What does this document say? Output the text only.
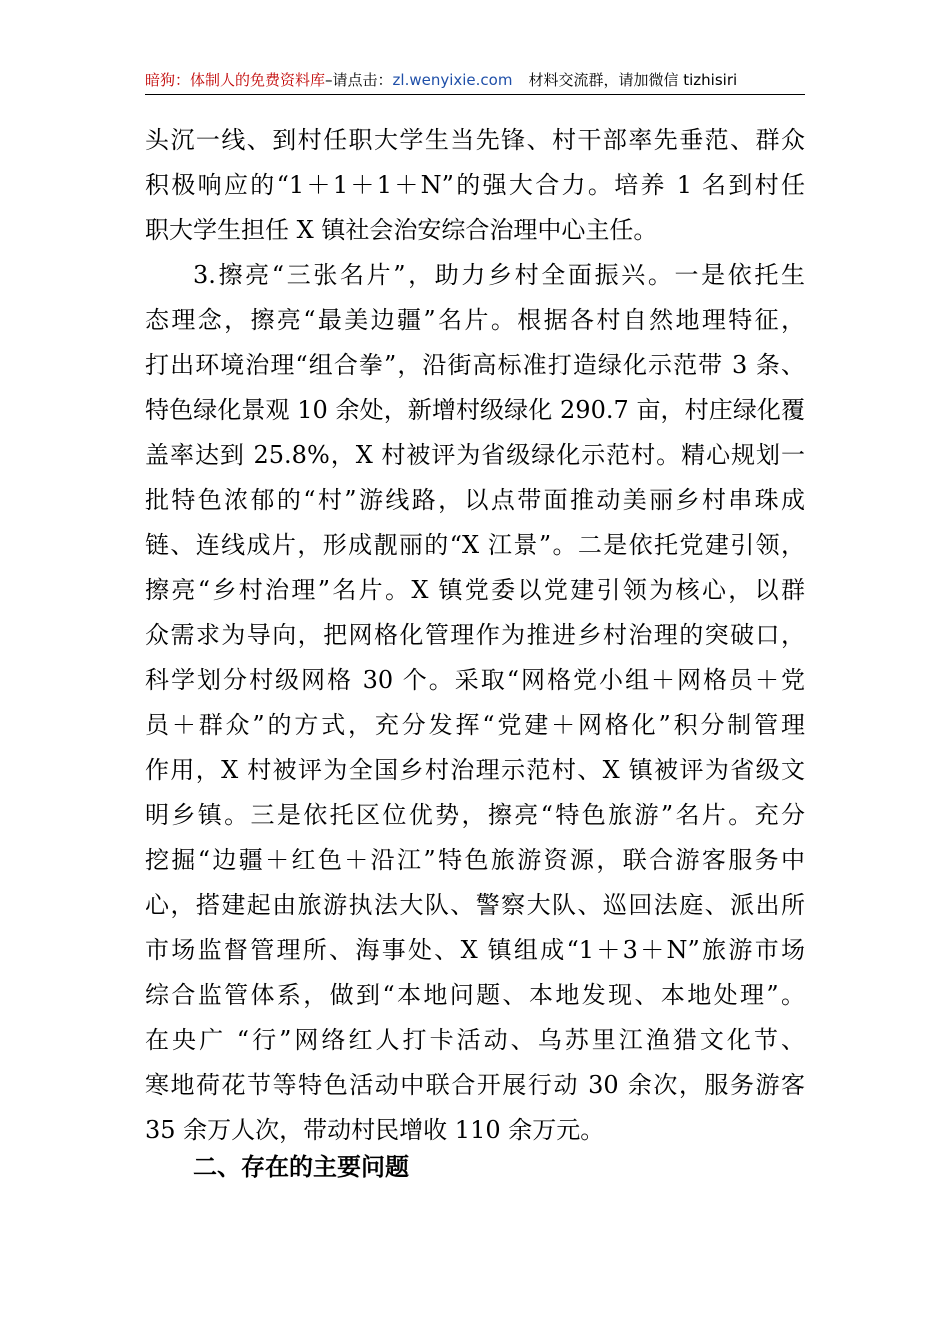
暗狗：体制人的免费资料库–请点击：zl.wenyixie.com 材料交流群，请加微信 tizhisiri
头沉一线、到村任职大学生当先锋、村干部率先垂范、群众
积极响应的“1＋1＋1＋N”的强大合力。培养 1 名到村任
职大学生担任 X 镇社会治安综合治理中心主任。
3.擦亮“三张名片”，助力乡村全面振兴。一是依托生
态理念，擦亮“最美边疆”名片。根据各村自然地理特征，
打出环境治理“组合拳”，沿街高标准打造绿化示范带 3 条、
特色绿化景观 10 余处，新增村级绿化 290.7 亩，村庄绿化覆
盖率达到 25.8%，X 村被评为省级绿化示范村。精心规划一
批特色浓郁的“村”游线路，以点带面推动美丽乡村串珠成
链、连线成片，形成靓丽的“X 江景”。二是依托党建引领，
擦亮“乡村治理”名片。X 镇党委以党建引领为核心，以群
众需求为导向，把网格化管理作为推进乡村治理的突破口，
科学划分村级网格 30 个。采取“网格党小组＋网格员＋党
员＋群众”的方式，充分发挥“党建＋网格化”积分制管理
作用，X 村被评为全国乡村治理示范村、X 镇被评为省级文
明乡镇。三是依托区位优势，擦亮“特色旅游”名片。充分
挖掘“边疆＋红色＋沿江”特色旅游资源，联合游客服务中
心，搭建起由旅游执法大队、警察大队、巡回法庭、派出所
市场监督管理所、海事处、X 镇组成“1＋3＋N”旅游市场
综合监管体系，做到“本地问题、本地发现、本地处理”。
在央广 “行”网络红人打卡活动、乌苏里江渔猎文化节、
寒地荷花节等特色活动中联合开展行动 30 余次，服务游客
35 余万人次，带动村民增收 110 余万元。
二、存在的主要问题
